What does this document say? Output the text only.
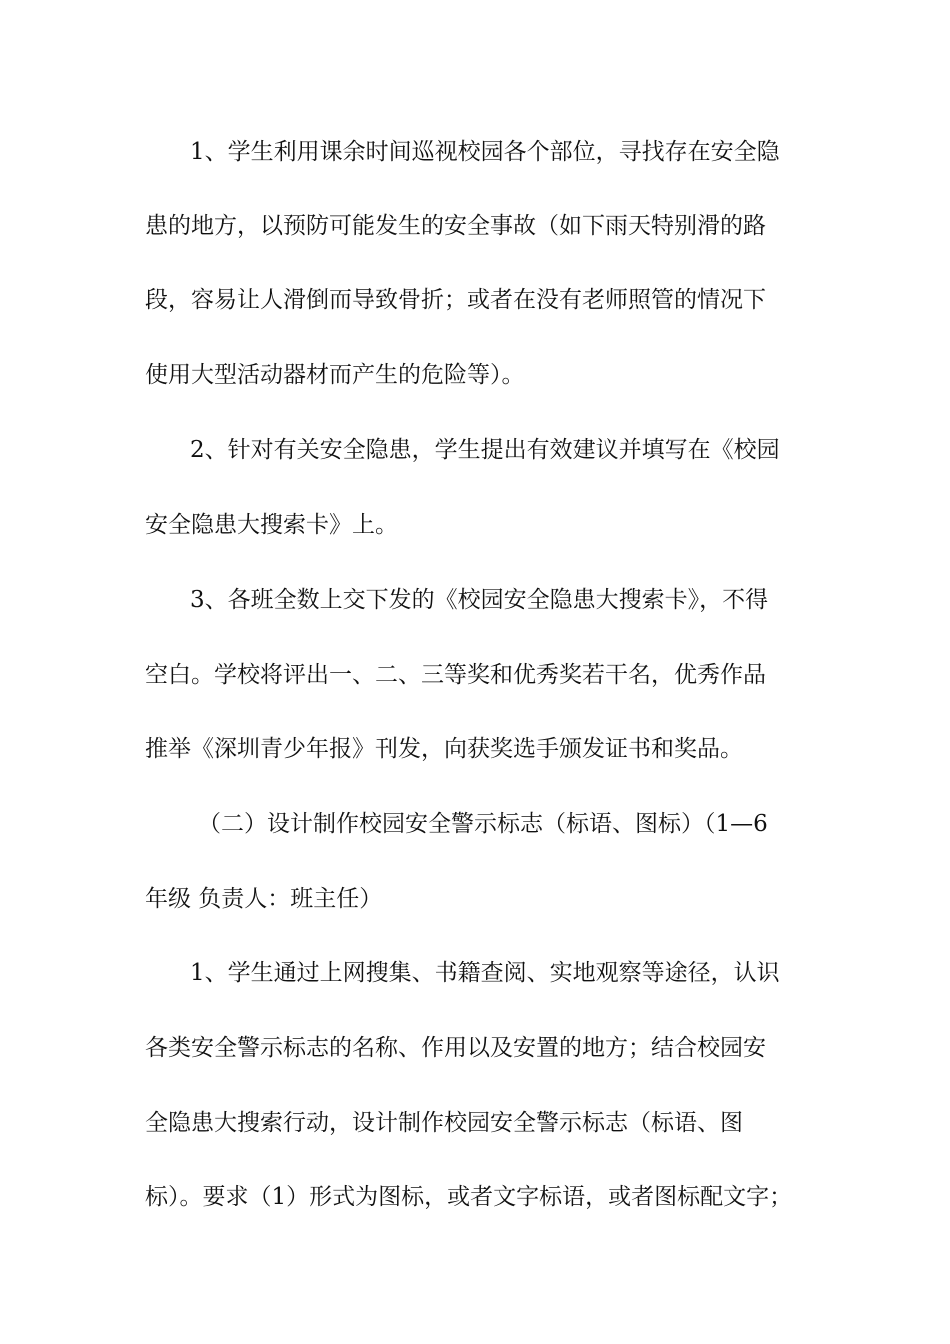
1、学生利用课余时间巡视校园各个部位，寻找存在安全隐
患的地方，以预防可能发生的安全事故（如下雨天特别滑的路
段，容易让人滑倒而导致骨折；或者在没有老师照管的情况下
使用大型活动器材而产生的危险等）。
2、针对有关安全隐患，学生提出有效建议并填写在《校园
安全隐患大搜索卡》上。
3、各班全数上交下发的《校园安全隐患大搜索卡》，不得
空白。学校将评出一、二、三等奖和优秀奖若干名，优秀作品
推举《深圳青少年报》刊发，向获奖选手颁发证书和奖品。
（二）设计制作校园安全警示标志（标语、图标）（1—6
年级 负责人：班主任）
1、学生通过上网搜集、书籍查阅、实地观察等途径，认识
各类安全警示标志的名称、作用以及安置的地方；结合校园安
全隐患大搜索行动，设计制作校园安全警示标志（标语、图
标）。要求（1）形式为图标，或者文字标语，或者图标配文字；
